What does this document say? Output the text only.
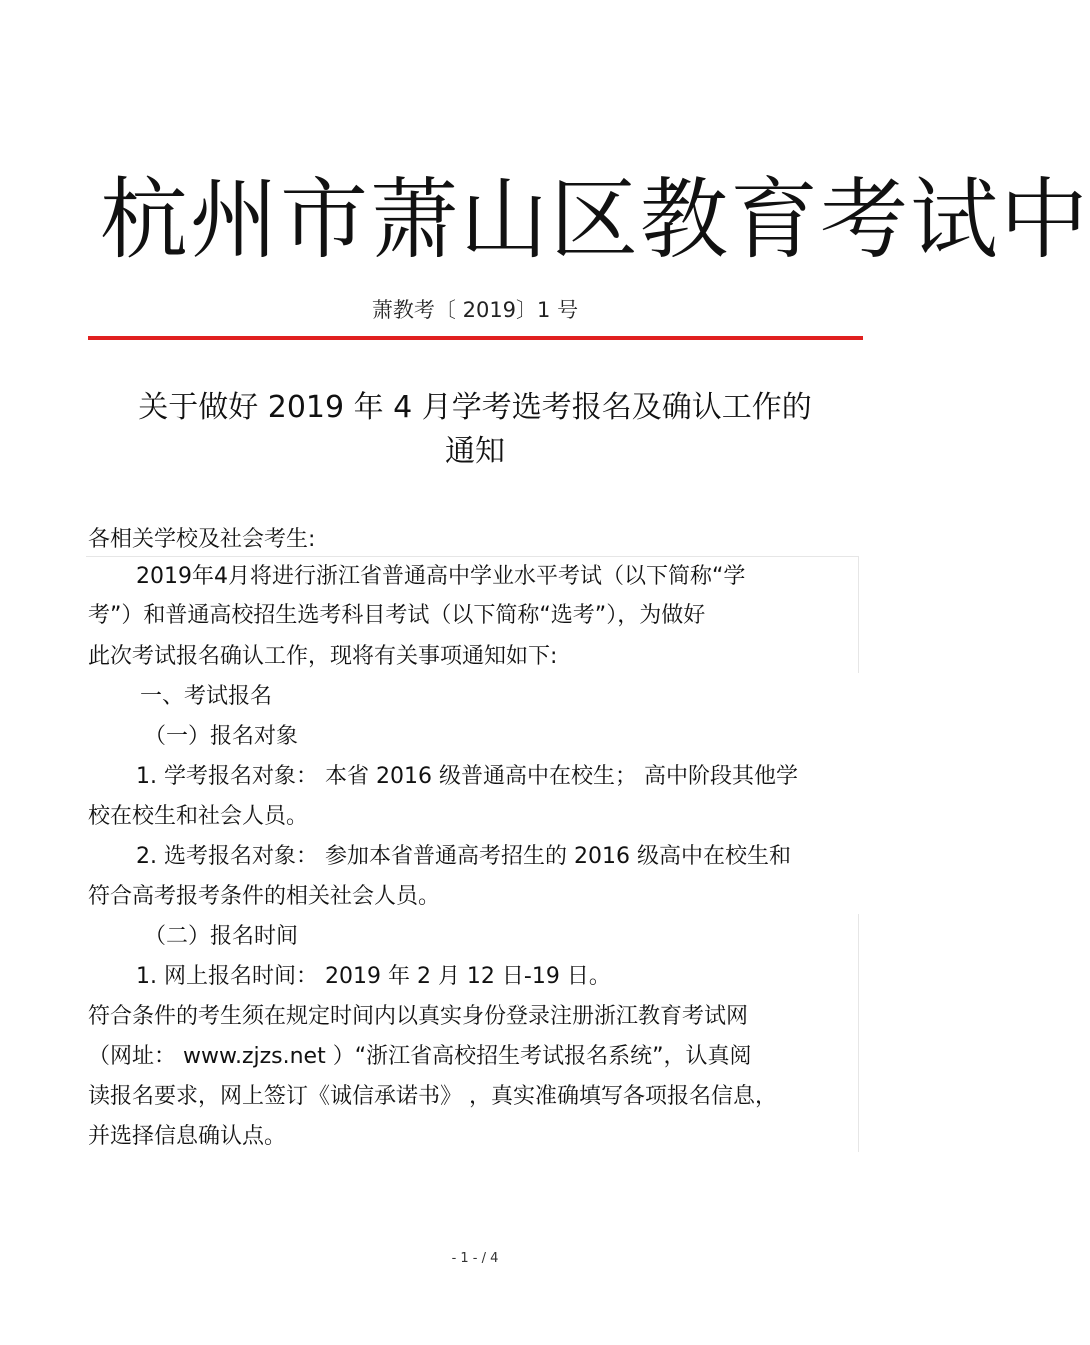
杭州市萧山区教育考试中
萧教考〔 2019〕1 号
关于做好 2019 年 4 月学考选考报名及确认工作的
通知
各相关学校及社会考生:
2019年4月将进行浙江省普通高中学业水平考试（以下简称“学
考”）和普通高校招生选考科目考试（以下简称“选考”），为做好
此次考试报名确认工作，现将有关事项通知如下:
一、考试报名
（一）报名对象
1. 学考报名对象： 本省 2016 级普通高中在校生； 高中阶段其他学
校在校生和社会人员。
2. 选考报名对象： 参加本省普通高考招生的 2016 级高中在校生和
符合高考报考条件的相关社会人员。
（二）报名时间
1. 网上报名时间： 2019 年 2 月 12 日-19 日。
符合条件的考生须在规定时间内以真实身份登录注册浙江教育考试网
（网址： www.zjzs.net ）“浙江省高校招生考试报名系统”，认真阅
读报名要求，网上签订《诚信承诺书》 ，真实准确填写各项报名信息，
并选择信息确认点。
- 1 - / 4
